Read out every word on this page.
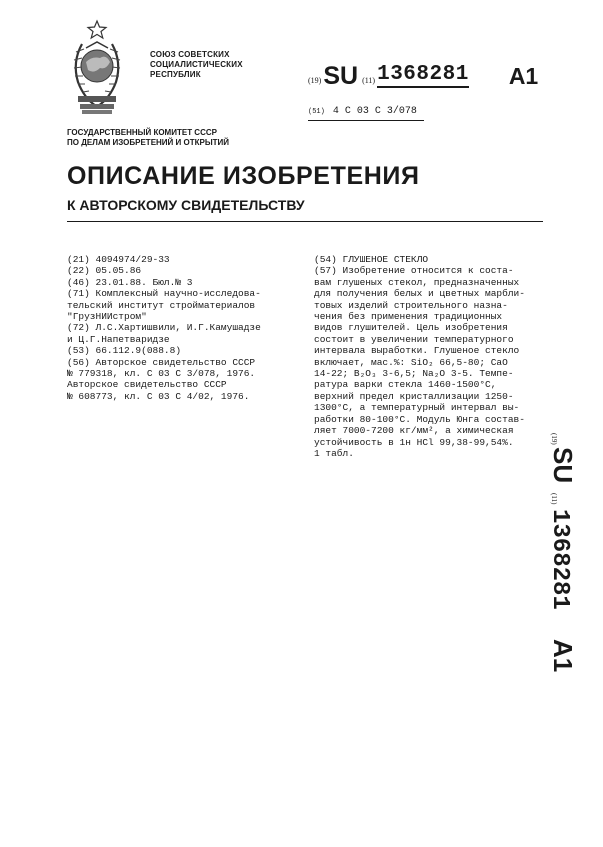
СОЮЗ СОВЕТСКИХ
СОЦИАЛИСТИЧЕСКИХ
РЕСПУБЛИК
(19) SU (11) 1368281 A1
(51) 4 C 03 C 3/078
ГОСУДАРСТВЕННЫЙ КОМИТЕТ СССР
ПО ДЕЛАМ ИЗОБРЕТЕНИЙ И ОТКРЫТИЙ
ОПИСАНИЕ ИЗОБРЕТЕНИЯ
К АВТОРСКОМУ СВИДЕТЕЛЬСТВУ
(21) 4094974/29-33
(22) 05.05.86
(46) 23.01.88. Бюл.№ 3
(71) Комплексный научно-исследова-
тельский институт стройматериалов
"ГрузНИИстром"
(72) Л.С.Хартишвили, И.Г.Камушадзе
и Ц.Г.Напетваридзе
(53) 66.112.9(088.8)
(56) Авторское свидетельство СССР
№ 779318, кл. С 03 С 3/078, 1976.
Авторское свидетельство СССР
№ 608773, кл. С 03 С 4/02, 1976.
(54) ГЛУШЕНОЕ СТЕКЛО
(57) Изобретение относится к соста-
вам глушеных стекол, предназначенных
для получения белых и цветных марбли-
товых изделий строительного назна-
чения без применения традиционных
видов глушителей. Цель изобретения
состоит в увеличении температурного
интервала выработки. Глушеное стекло
включает, мас.%: SiO₂ 66,5-80; CaO
14-22; B₂O₃ 3-6,5; Na₂O 3-5. Темпе-
ратура варки стекла 1460-1500°С,
верхний предел кристаллизации 1250-
1300°С, а температурный интервал вы-
работки 80-100°С. Модуль Юнга состав-
ляет 7000-7200 кг/мм², а химическая
устойчивость в 1н HCl 99,38-99,54%.
1 табл.
(19)
SU
(11)
1368281
A1
